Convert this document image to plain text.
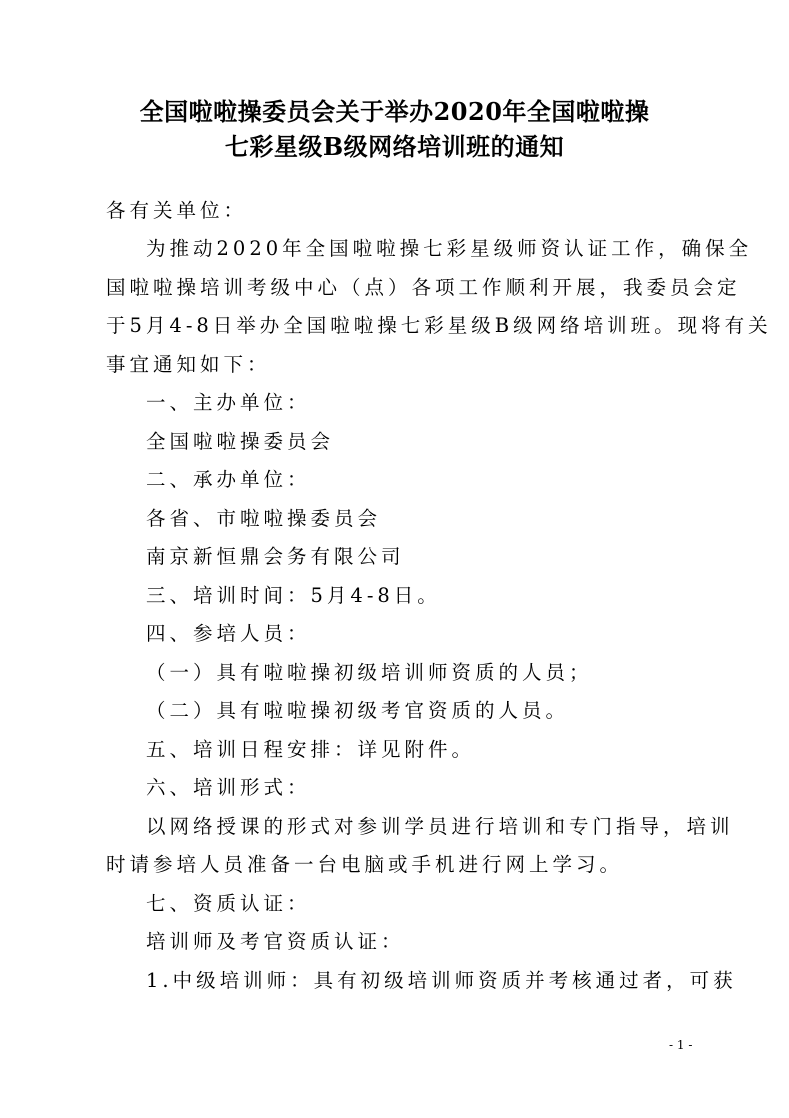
全国啦啦操委员会关于举办2020年全国啦啦操
七彩星级B级网络培训班的通知
各有关单位：
为推动2020年全国啦啦操七彩星级师资认证工作，确保全
国啦啦操培训考级中心（点）各项工作顺利开展，我委员会定
于5月4-8日举办全国啦啦操七彩星级B级网络培训班。现将有关
事宜通知如下：
一、主办单位：
全国啦啦操委员会
二、承办单位：
各省、市啦啦操委员会
南京新恒鼎会务有限公司
三、培训时间：5月4-8日。
四、参培人员：
（一）具有啦啦操初级培训师资质的人员；
（二）具有啦啦操初级考官资质的人员。
五、培训日程安排：详见附件。
六、培训形式：
以网络授课的形式对参训学员进行培训和专门指导，培训
时请参培人员准备一台电脑或手机进行网上学习。
七、资质认证：
培训师及考官资质认证：
1.中级培训师：具有初级培训师资质并考核通过者，可获
- 1 -
